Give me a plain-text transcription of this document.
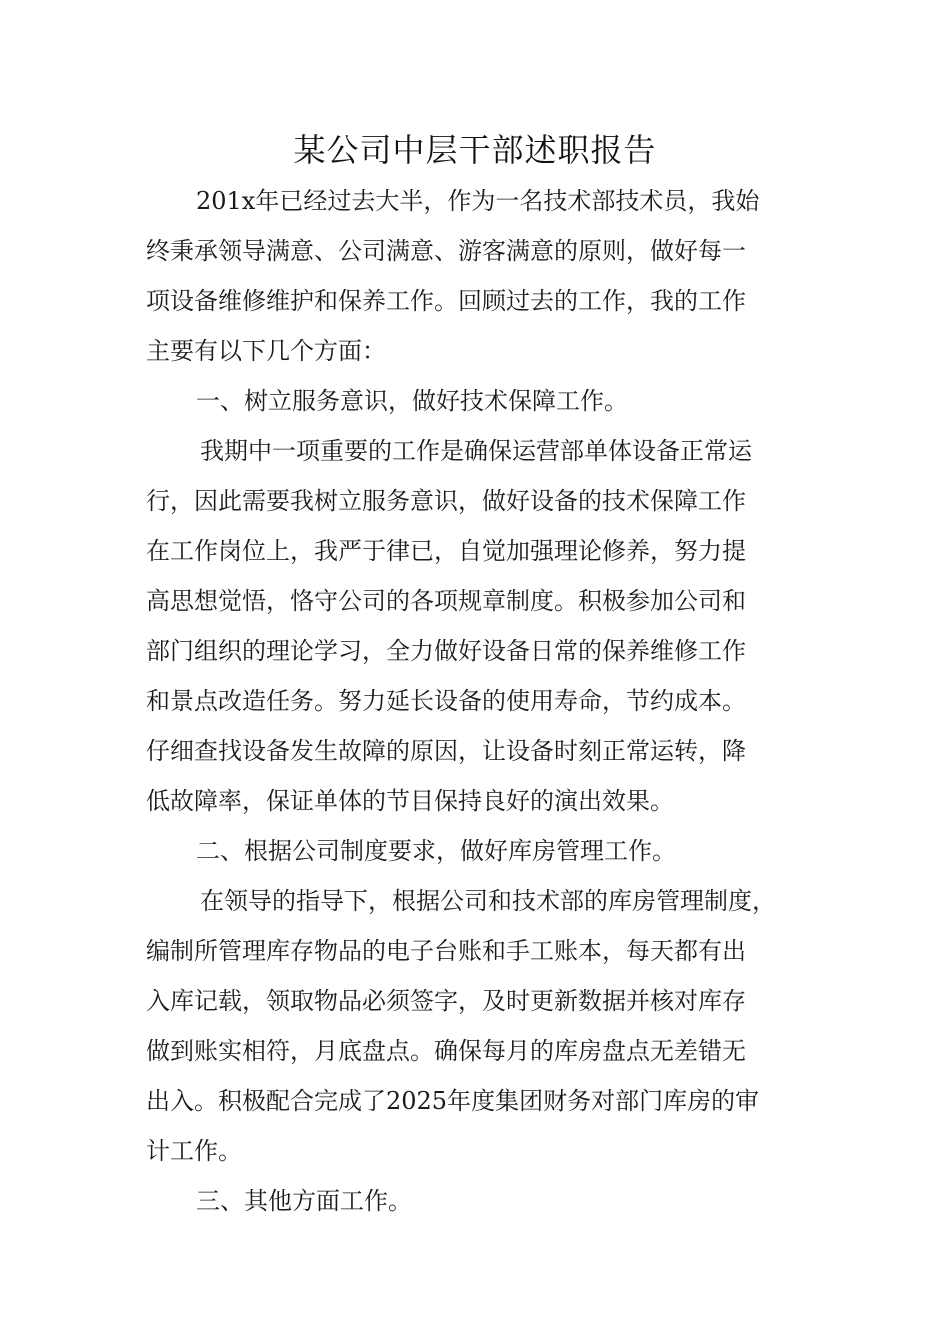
某公司中层干部述职报告
201x年已经过去大半，作为一名技术部技术员，我始
终秉承领导满意、公司满意、游客满意的原则，做好每一
项设备维修维护和保养工作。回顾过去的工作，我的工作
主要有以下几个方面：
一、树立服务意识，做好技术保障工作。
我期中一项重要的工作是确保运营部单体设备正常运
行，因此需要我树立服务意识，做好设备的技术保障工作
在工作岗位上，我严于律已，自觉加强理论修养，努力提
高思想觉悟，恪守公司的各项规章制度。积极参加公司和
部门组织的理论学习，全力做好设备日常的保养维修工作
和景点改造任务。努力延长设备的使用寿命，节约成本。
仔细查找设备发生故障的原因，让设备时刻正常运转，降
低故障率，保证单体的节目保持良好的演出效果。
二、根据公司制度要求，做好库房管理工作。
在领导的指导下，根据公司和技术部的库房管理制度，
编制所管理库存物品的电子台账和手工账本，每天都有出
入库记载，领取物品必须签字，及时更新数据并核对库存
做到账实相符，月底盘点。确保每月的库房盘点无差错无
出入。积极配合完成了2025年度集团财务对部门库房的审
计工作。
三、其他方面工作。
